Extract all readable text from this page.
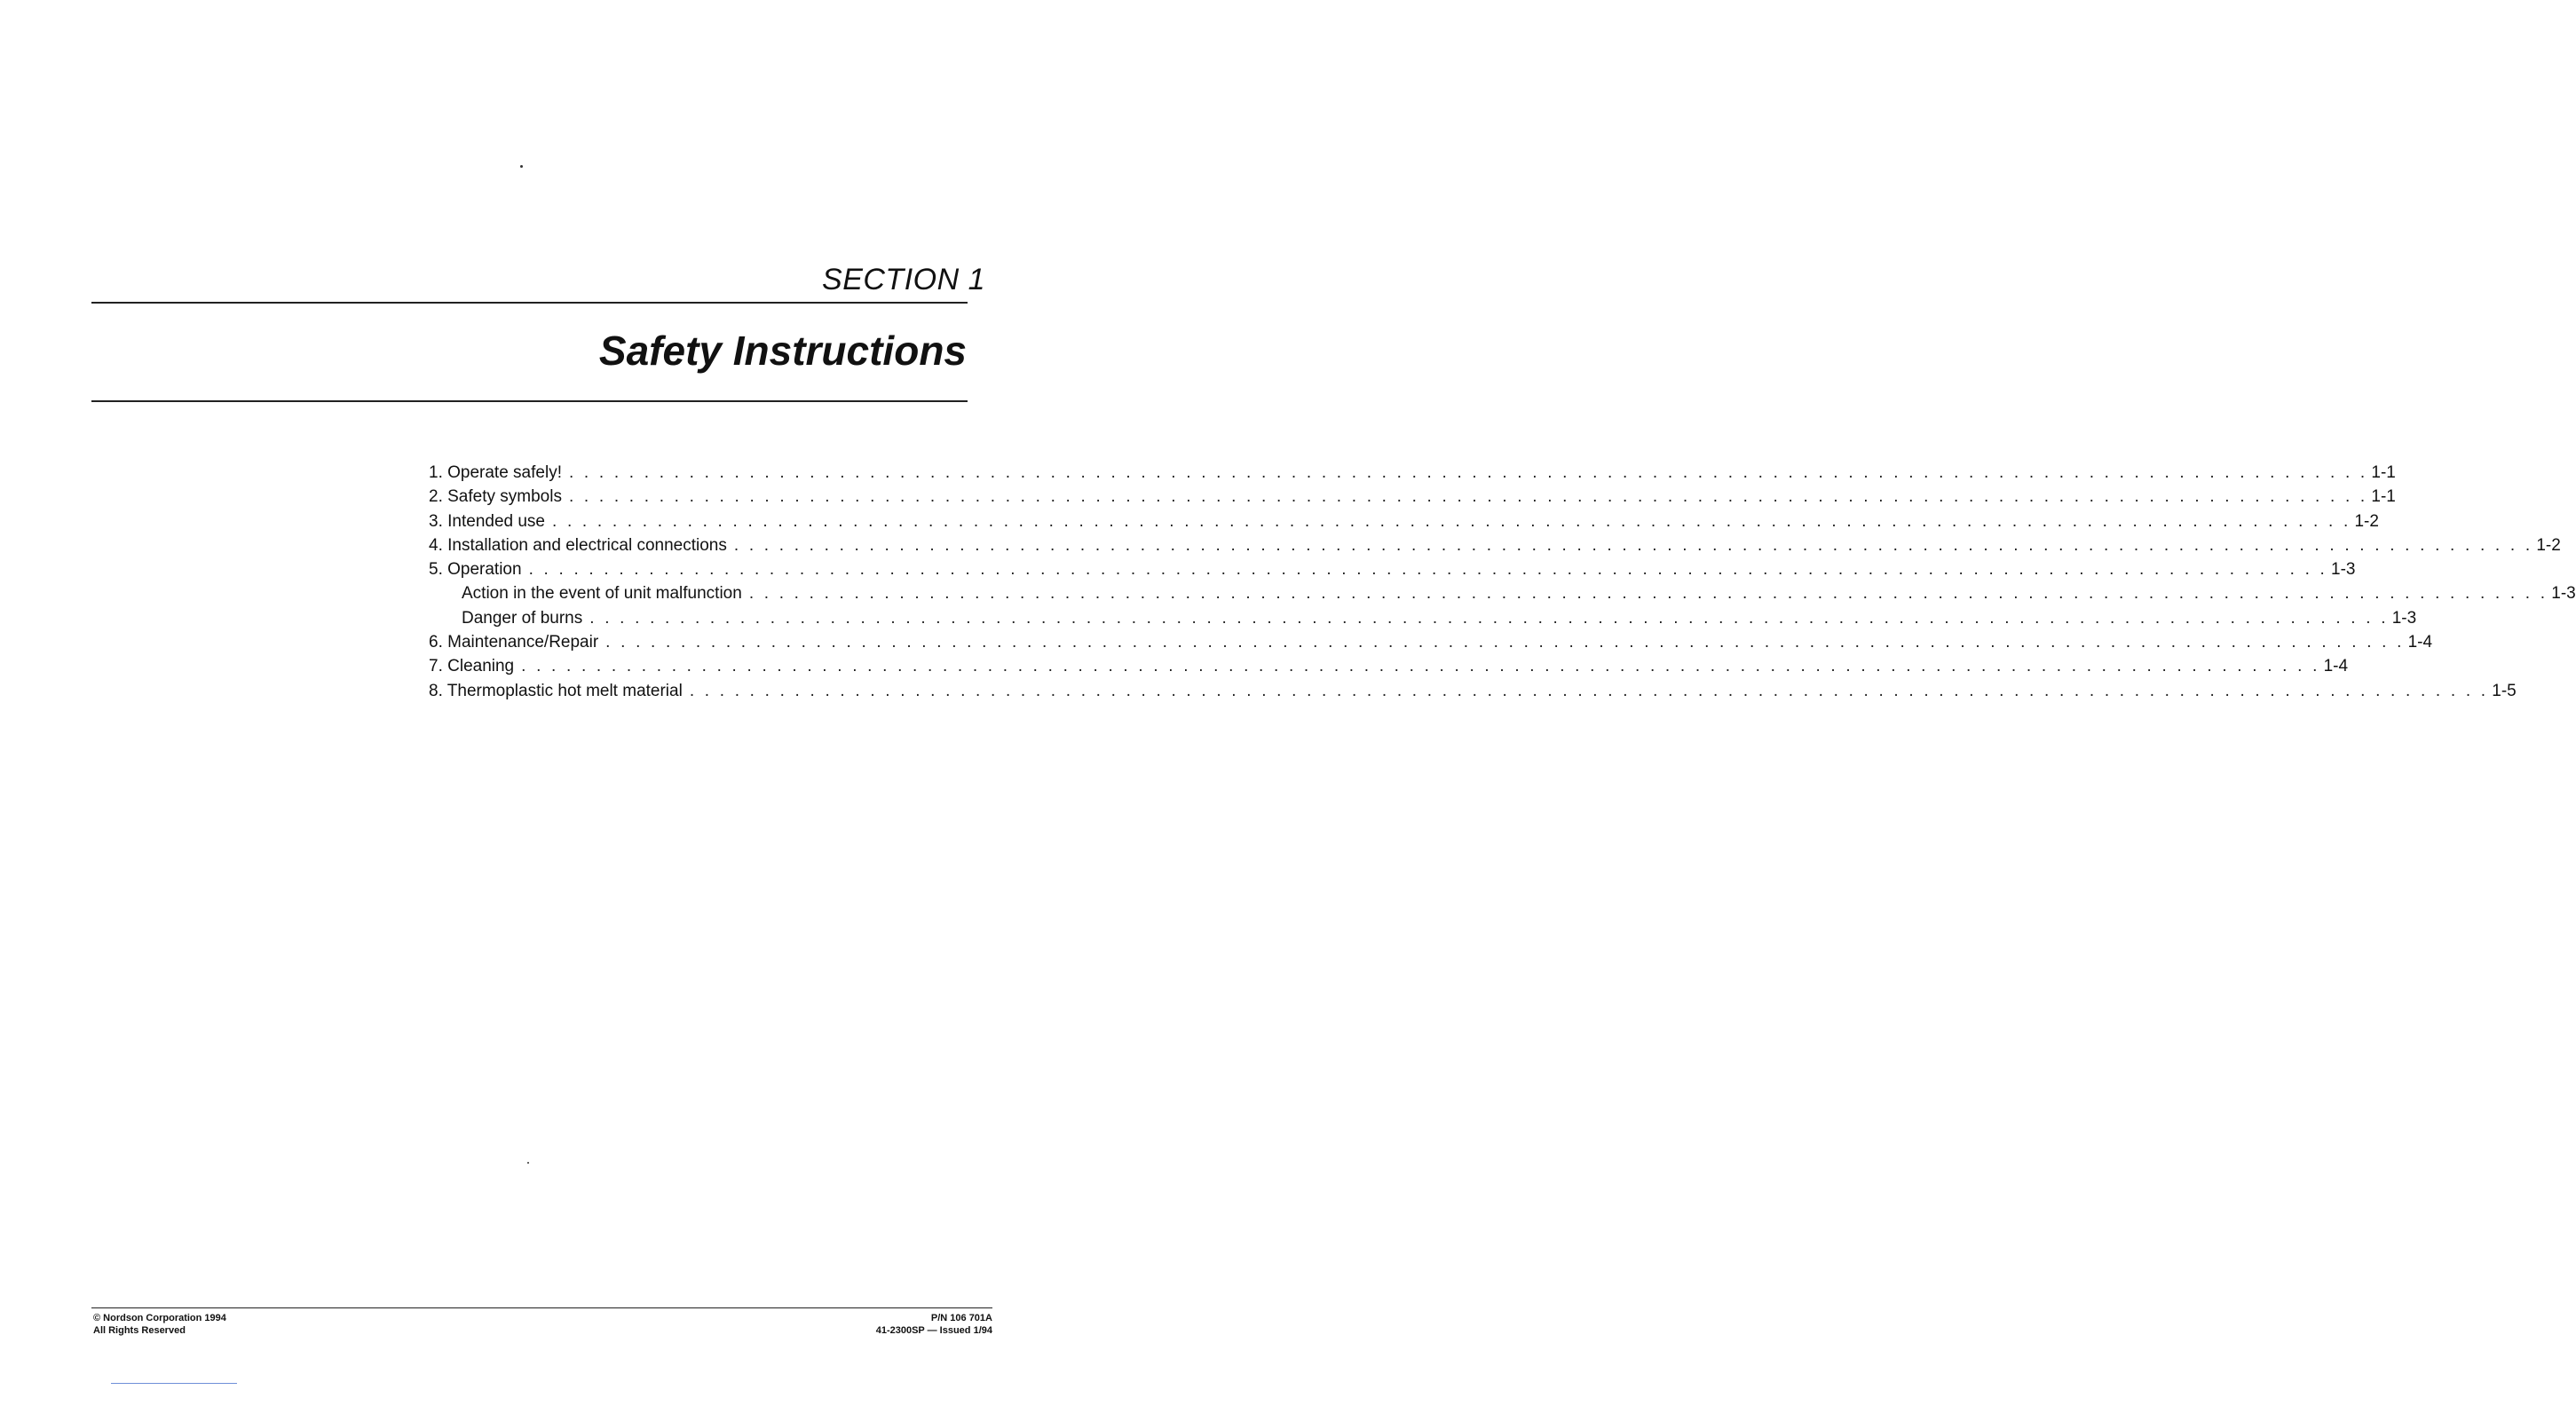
SECTION 1
Safety Instructions
1. Operate safely! . . . . . . . . . . . . . . . . . . . . . . . . . . . . . . . . . . . . . . . . . . . . . . . . . . . . . . . . . . . . . . . . . . . . . . . . . . . . . . . . . . . . . . . . . . . . . . . . . . . . . . . . . . . . . . . . . . . . . . . . 1-1
2. Safety symbols . . . . . . . . . . . . . . . . . . . . . . . . . . . . . . . . . . . . . . . . . . . . . . . . . . . . . . . . . . . . . . . . . . . . . . . . . . . . . . . . . . . . . . . . . . . . . . . . . . . . . . . . . . . . . . . . . . . . . . . . 1-1
3. Intended use . . . . . . . . . . . . . . . . . . . . . . . . . . . . . . . . . . . . . . . . . . . . . . . . . . . . . . . . . . . . . . . . . . . . . . . . . . . . . . . . . . . . . . . . . . . . . . . . . . . . . . . . . . . . . . . . . . . . . . . . 1-2
4. Installation and electrical connections . . . . . . . . . . . . . . . . . . . . . . . . . . . . . . . . . . . . . . . . . . . . . . . . . . . . . . . . . . . . . . . . . . . . . . . . . . . . . . . . . . . . . . . . . . . . . . . . . . . . . . . . . . . . . . . . . . . . . . . . 1-2
5. Operation . . . . . . . . . . . . . . . . . . . . . . . . . . . . . . . . . . . . . . . . . . . . . . . . . . . . . . . . . . . . . . . . . . . . . . . . . . . . . . . . . . . . . . . . . . . . . . . . . . . . . . . . . . . . . . . . . . . . . . . . 1-3
Action in the event of unit malfunction . . . . . . . . . . . . . . . . . . . . . . . . . . . . . . . . . . . . . . . . . . . . . . . . . . . . . . . . . . . . . . . . . . . . . . . . . . . . . . . . . . . . . . . . . . . . . . . . . . . . . . . . . . . . . . . . . . . . . . . . 1-3
Danger of burns . . . . . . . . . . . . . . . . . . . . . . . . . . . . . . . . . . . . . . . . . . . . . . . . . . . . . . . . . . . . . . . . . . . . . . . . . . . . . . . . . . . . . . . . . . . . . . . . . . . . . . . . . . . . . . . . . . . . . . . . 1-3
6. Maintenance/Repair . . . . . . . . . . . . . . . . . . . . . . . . . . . . . . . . . . . . . . . . . . . . . . . . . . . . . . . . . . . . . . . . . . . . . . . . . . . . . . . . . . . . . . . . . . . . . . . . . . . . . . . . . . . . . . . . . . . . . . . . 1-4
7. Cleaning . . . . . . . . . . . . . . . . . . . . . . . . . . . . . . . . . . . . . . . . . . . . . . . . . . . . . . . . . . . . . . . . . . . . . . . . . . . . . . . . . . . . . . . . . . . . . . . . . . . . . . . . . . . . . . . . . . . . . . . . 1-4
8. Thermoplastic hot melt material . . . . . . . . . . . . . . . . . . . . . . . . . . . . . . . . . . . . . . . . . . . . . . . . . . . . . . . . . . . . . . . . . . . . . . . . . . . . . . . . . . . . . . . . . . . . . . . . . . . . . . . . . . . . . . . . . . . . . . . . 1-5
© Nordson Corporation 1994
All Rights Reserved
P/N 106 701A
41-2300SP — Issued 1/94
